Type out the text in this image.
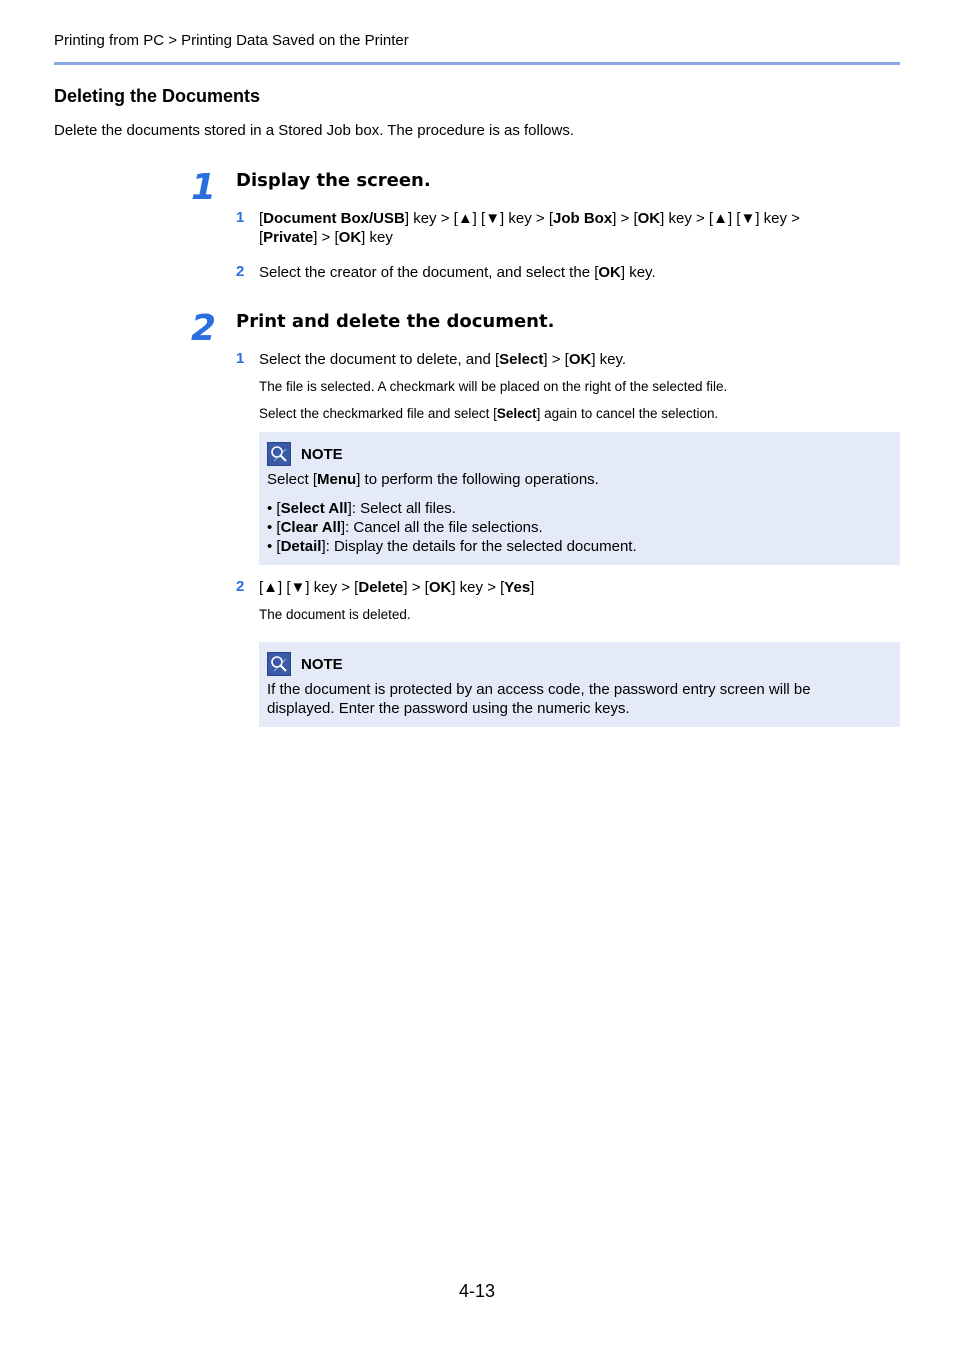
Printing from PC > Printing Data Saved on the Printer
Deleting the Documents
Delete the documents stored in a Stored Job box. The procedure is as follows.
1 Display the screen.
1 [Document Box/USB] key > [▲] [▼] key > [Job Box] > [OK] key > [▲] [▼] key >
[Private] > [OK] key
2 Select the creator of the document, and select the [OK] key.
2 Print and delete the document.
1 Select the document to delete, and [Select] > [OK] key.
The file is selected. A checkmark will be placed on the right of the selected file.
Select the checkmarked file and select [Select] again to cancel the selection.
NOTE
Select [Menu] to perform the following operations.
• [Select All]: Select all files.
• [Clear All]: Cancel all the file selections.
• [Detail]: Display the details for the selected document.
2 [▲] [▼] key > [Delete] > [OK] key > [Yes]
The document is deleted.
NOTE
If the document is protected by an access code, the password entry screen will be displayed. Enter the password using the numeric keys.
4-13
